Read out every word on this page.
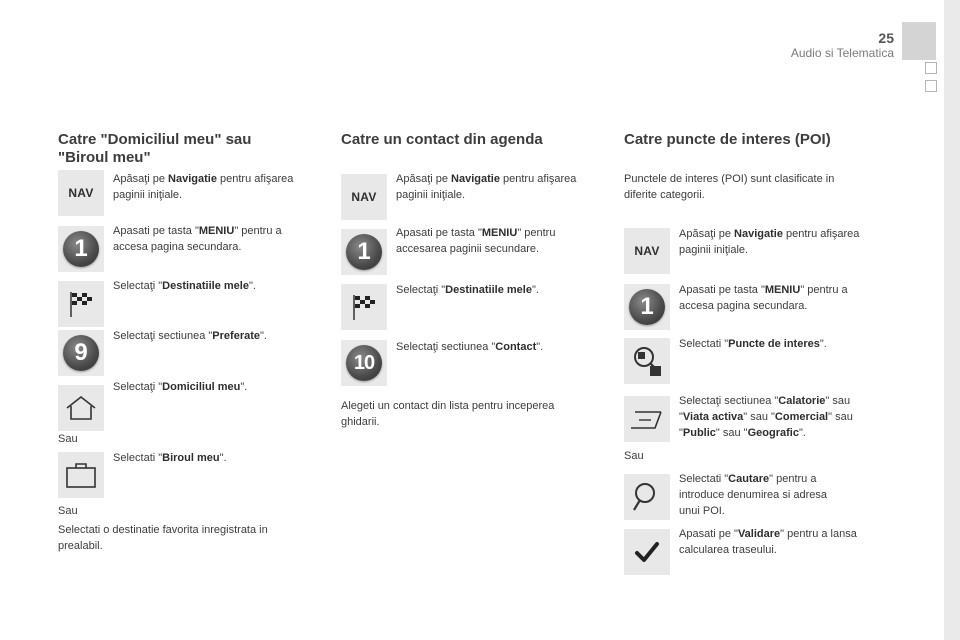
25
Audio si Telematica
Catre "Domiciliul meu" sau
"Biroul meu"
NAV
Apăsaţi pe Navigatie pentru afişarea
paginii iniţiale.
1
Apasati pe tasta "MENIU" pentru a
accesa pagina secundara.
Selectaţi "Destinatiile mele".
9
Selectaţi sectiunea "Preferate".
Selectaţi "Domiciliul meu".
Sau
Selectati "Biroul meu".
Sau
Selectati o destinatie favorita inregistrata in
prealabil.
Catre un contact din agenda
NAV
Apăsaţi pe Navigatie pentru afişarea
paginii iniţiale.
1
Apasati pe tasta "MENIU" pentru
accesarea paginii secundare.
Selectaţi "Destinatiile mele".
10
Selectaţi sectiunea "Contact".
Alegeti un contact din lista pentru inceperea
ghidarii.
Catre puncte de interes (POI)
Punctele de interes (POI) sunt clasificate in
diferite categorii.
NAV
Apăsaţi pe Navigatie pentru afişarea
paginii iniţiale.
1
Apasati pe tasta "MENIU" pentru a
accesa pagina secundara.
Selectati "Puncte de interes".
Selectaţi sectiunea "Calatorie" sau
"Viata activa" sau "Comercial" sau
"Public" sau "Geografic".
Sau
Selectati "Cautare" pentru a
introduce denumirea si adresa
unui POI.
Apasati pe "Validare" pentru a lansa
calcularea traseului.
